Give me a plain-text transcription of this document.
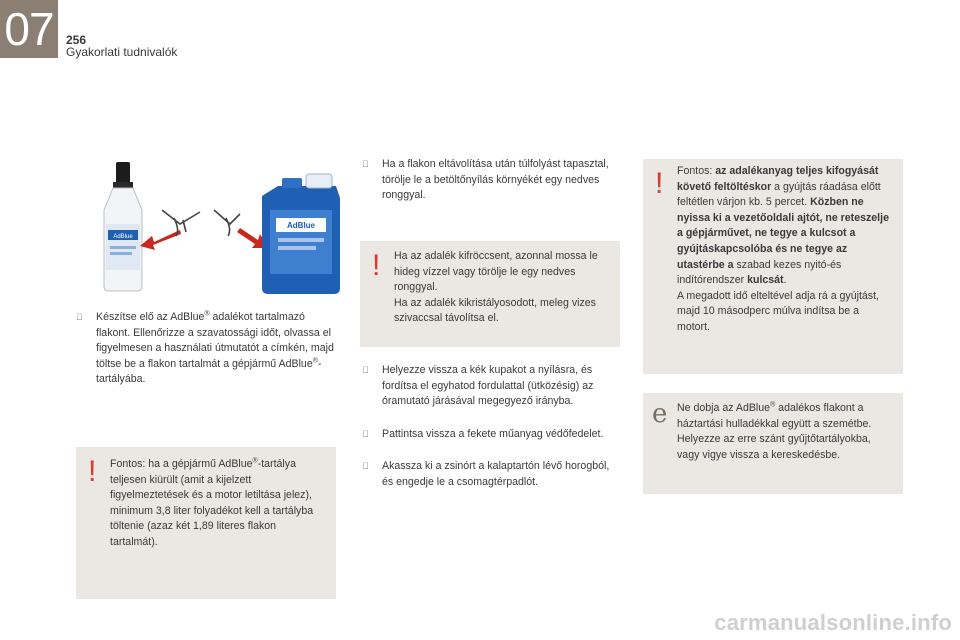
07	256
Gyakorlati tudnivalók
AdBlue
AdBlue
Készítse elő az AdBlue® adalékot tartalmazó flakont. Ellenőrizze a szavatossági időt, olvassa el figyelmesen a használati útmutatót a címkén, majd töltse be a flakon tartalmát a gépjármű AdBlue®-tartályába.
! Fontos: ha a gépjármű AdBlue®-tartálya teljesen kiürült (amit a kijelzett figyelmeztetések és a motor letiltása jelez), minimum 3,8 liter folyadékot kell a tartályba töltenie (azaz két 1,89 literes flakon tartalmát).
Ha a flakon eltávolítása után túlfolyást tapasztal, törölje le a betöltőnyílás környékét egy nedves ronggyal.
! Ha az adalék kifröccsent, azonnal mossa le hideg vízzel vagy törölje le egy nedves ronggyal.
Ha az adalék kikristályosodott, meleg vizes szivaccsal távolítsa el.
Helyezze vissza a kék kupakot a nyílásra, és fordítsa el egyhatod fordulattal (ütközésig) az óramutató járásával megegyező irányba.
Pattintsa vissza a fekete műanyag védőfedelet.
Akassza ki a zsinórt a kalaptartón lévő horogból, és engedje le a csomagtérpadlót.
! Fontos: az adalékanyag teljes kifogyását követő feltöltéskor a gyújtás ráadása előtt feltétlen várjon kb. 5 percet. Közben ne nyissa ki a vezetőoldali ajtót, ne reteszelje a gépjárművet, ne tegye a kulcsot a gyújtáskapcsolóba és ne tegye az utastérbe a szabad kezes nyitó-és indítórendszer kulcsát.
A megadott idő elteltével adja rá a gyújtást, majd 10 másodperc múlva indítsa be a motort.
e Ne dobja az AdBlue® adalékos flakont a háztartási hulladékkal együtt a szemétbe. Helyezze az erre szánt gyűjtőtartályokba, vagy vigye vissza a kereskedésbe.
carmanualsonline.info
